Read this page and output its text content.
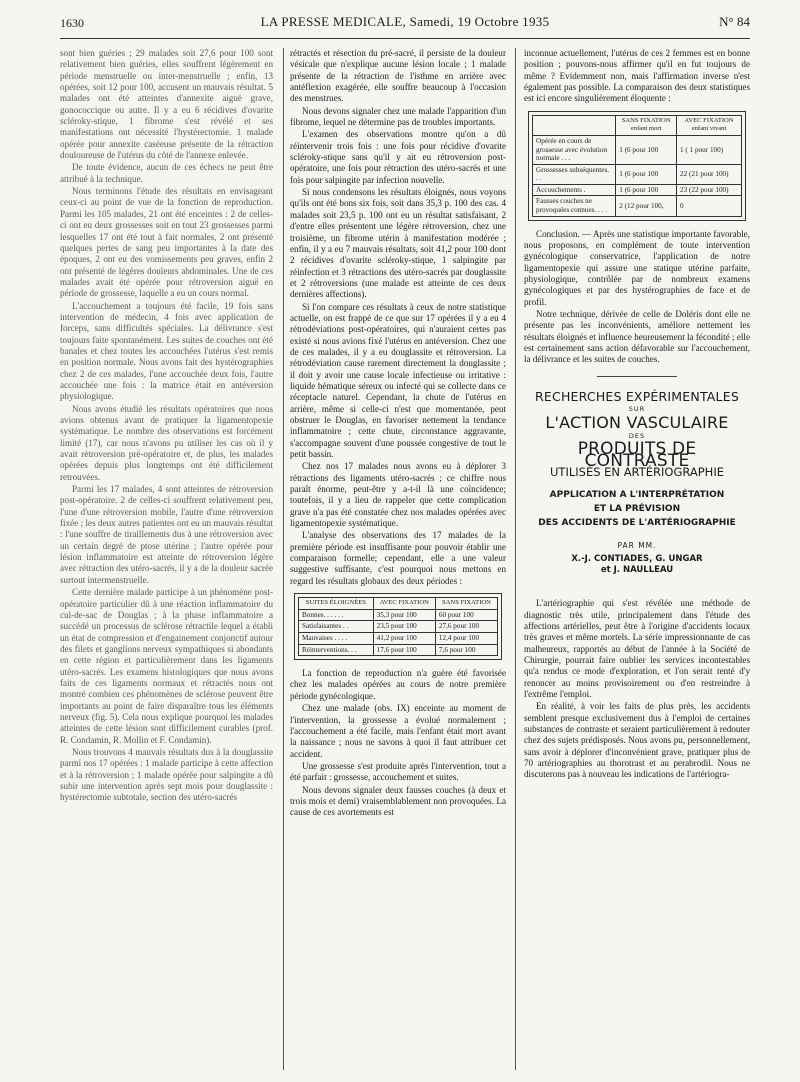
1630	LA PRESSE MEDICALE, Samedi, 19 Octobre 1935	N° 84

sont bien guéries ; 29 malades soit 27,6 pour 100 sont relativement bien guéries, elles souffrent légèrement en période menstruelle ou inter-menstruelle ; enfin, 13 opérées, soit 12 pour 100, accusent un mauvais résultat. 5 malades ont été atteintes d'annexite aiguë grave, gonococcique ou autre. Il y a eu 6 récidives d'ovarite scléroky-stique, 1 fibrome s'est révélé et ses manifestations ont nécessité l'hystérectomie. 1 malade opérée pour annexite caséeuse présente de la rétraction douloureuse de l'utérus du côté de l'annexe enlevée.

De toute évidence, aucun de ces échecs ne peut être attribué à la technique.

Nous terminons l'étude des résultats en envisageant ceux-ci au point de vue de la fonction de reproduction. Parmi les 105 malades, 21 ont été enceintes : 2 de celles-ci ont eu deux grossesses soit en tout 23 grossesses parmi lesquelles 17 ont été tout à fait normales, 2 ont présenté quelques pertes de sang peu importantes à la date des époques, 2 ont eu des vomissements peu graves, enfin 2 ont présenté de légères douleurs abdominales. Une de ces malades avait été opérée pour rétroversion aiguë en période de grossesse, laquelle a eu un cours normal.

L'accouchement a toujours été facile, 19 fois sans intervention de médecin, 4 fois avec application de forceps, sans difficultés spéciales. La délivrance s'est toujours faite spontanément. Les suites de couches ont été banales et chez toutes les accouchées l'utérus s'est remis en position normale. Nous avons fait des hystérographies chez 2 de ces malades, l'une accouchée deux fois, l'autre accouchée une fois : la matrice était en antéversion physiologique.

Nous avons étudié les résultats opératoires que nous avions obtenus avant de pratiquer la ligamentopexie systématique. Le nombre des observations est forcément limité (17), car nous n'avons pu utiliser les cas où il y avait rétroversion pré-opératoire et, de plus, les malades opérées depuis plus longtemps ont été difficilement retrouvées.

Parmi les 17 malades, 4 sont atteintes de rétroversion post-opératoire. 2 de celles-ci souffrent relativement peu, l'une d'une rétroversion mobile, l'autre d'une rétroversion fixée ; les deux autres patientes ont eu un mauvais résultat : l'une souffre de tiraillements dus à une rétroversion avec un certain degré de ptose utérine ; l'autre opérée pour lésion inflammatoire est atteinte de rétroversion légère avec rétraction des utéro-sacrés, il y a de la douleur sacrée surtout intermenstruelle.

Cette dernière malade participe à un phénomène post-opératoire particulier dû à une réaction inflammatoire du cul-de-sac de Douglas ; à la phase inflammatoire a succédé un processus de sclérose rétractile lequel a établi un état de compression et d'engainement conjonctif autour des filets et ganglions nerveux sympathiques si abondants en cette région et particulièrement dans les ligaments utéro-sacrés. Les examens histologiques que nous avons faits de ces ligaments normaux et rétractés nous ont montré combien ces phénomènes de sclérose peuvent être importants au point de faire disparaître tous les éléments nerveux (fig. 5). Cela nous explique pourquoi les malades atteintes de cette lésion sont difficilement curables (prof. R. Condamin, R. Mollin et F. Condamin).

Nous trouvons 4 mauvais résultats dus à la douglassite parmi nos 17 opérées : 1 malade participe à cette affection et à la rétroversion ; 1 malade opérée pour salpingite a dû subir une intervention après sept mois pour douglassite : hystérectomie subtotale, section des utéro-sacrés

rétractés et résection du pré-sacré, il persiste de la douleur vésicale que n'explique aucune lésion locale ; 1 malade présente de la rétraction de l'isthme en arrière avec antéflexion exagérée, elle souffre beaucoup à l'occasion des menstrues.

Nous devons signaler chez une malade l'apparition d'un fibrome, lequel ne détermine pas de troubles importants.

L'examen des observations montre qu'on a dû réintervenir trois fois : une fois pour récidive d'ovarite scléroky-stique sans qu'il y ait eu rétroversion post-opératoire, une fois pour rétraction des utéro-sacrés et une fois pour salpingite par infection nouvelle.

Si nous condensons les résultats éloignés, nous voyons qu'ils ont été bons six fois, soit dans 35,3 p. 100 des cas. 4 malades soit 23,5 p. 100 ont eu un résultat satisfaisant, 2 d'entre elles présentent une légère rétroversion, chez une troisième, un fibrome utérin à manifestation modérée ; enfin, il y a eu 7 mauvais résultats, soit 41,2 pour 100 dont 2 récidives d'ovarite scléroky-stique, 1 salpingite par réinfection et 3 rétractions des utéro-sacrés par douglassite et 2 rétroversions (une malade est atteinte de ces deux dernières affections).

Si l'on compare ces résultats à ceux de notre statistique actuelle, on est frappé de ce que sur 17 opérées il y a eu 4 rétrodéviations post-opératoires, qui n'auraient certes pas existé si nous avions fixé l'utérus en antéversion. Chez une de ces malades, il y a eu douglassite et rétroversion. La rétrodéviation cause rarement directement la douglassite ; il doit y avoir une cause locale infectieuse ou irritative : liquide hématique séreux ou infecté qui se collecte dans ce réceptacle naturel. Cependant, la chute de l'utérus en arrière, même si celle-ci n'est que momentanée, peut obstruer le Douglas, en favoriser nettement la tendance inflammatoire ; cette chute, circonstance aggravante, s'accompagne souvent d'une poussée congestive de tout le petit bassin.

Chez nos 17 malades nous avons eu à déplorer 3 rétractions des ligaments utéro-sacrés ; ce chiffre nous paraît énorme, peut-être y a-t-il là une coïncidence; toutefois, il y a lieu de rappeler que cette complication grave n'a pas été constatée chez nos malades opérées avec ligamentopexie systématique.

L'analyse des observations des 17 malades de la première période est insuffisante pour pouvoir établir une comparaison formelle; cependant, elle a une valeur suggestive suffisante, c'est pourquoi nous mettons en regard les résultats globaux des deux périodes :

SUITES ÉLOIGNÉES	AVEC FIXATION	SANS FIXATION
Bonnes. . . . . .	35,3 pour 100	60 pour 100
Satisfaisantes . .	23,5 pour 100	27,6 pour 100
Mauvaises . . . .	41,2 pour 100	12,4 pour 100
Réinterventions. . .	17,6 pour 100	7,6 pour 100

La fonction de reproduction n'a guère été favorisée chez les malades opérées au cours de notre première période gynécologique.

Chez une malade (obs. IX) enceinte au moment de l'intervention, la grossesse a évolué normalement ; l'accouchement a été facile, mais l'enfant était mort avant la naissance ; nous ne savons à quoi il faut attribuer cet accident.

Une grossesse s'est produite après l'intervention, tout a été parfait : grossesse, accouchement et suites.

Nous devons signaler deux fausses couches (à deux et trois mois et demi) vraisemblablement non provoquées. La cause de ces avortements est

inconnue actuellement, l'utérus de ces 2 femmes est en bonne position ; pouvons-nous affirmer qu'il en fut toujours de même ? Evidemment non, mais l'affirmation inverse n'est également pas possible. La comparaison des deux statistiques est ici encore singulièrement éloquente :

	SANS FIXATION enfant mort	AVEC FIXATION enfant vivant
Opérée en cours de grossesse avec évolution normale . . .	1 (6 pour 100	1 ( 1 pour 100)
Grossesses subséquentes. . .	1 (6 pour 100	22 (21 pour 100)
Accouchements .	1 (6 pour 100	23 (22 pour 100)
Fausses couches ne provoquées connues. . . .	2 (12 pour 100,	0

Conclusion. — Après une statistique importante favorable, nous proposons, en complément de toute intervention gynécologique conservatrice, l'application de notre ligamentopexie qui assure une statique utérine parfaite, physiologique, contrôlée par de nombreux examens gynécologiques et par des hystérographies de face et de profil.

Notre technique, dérivée de celle de Doléris dont elle ne présente pas les inconvénients, améliore nettement les résultats éloignés et influence heureusement la fécondité ; elle est certainement sans action défavorable sur l'accouchement, la délivrance et les suites de couches.

RECHERCHES EXPÉRIMENTALES
SUR
L'ACTION VASCULAIRE
DES
PRODUITS DE CONTRASTE
UTILISÉS EN ARTÉRIOGRAPHIE
APPLICATION A L'INTERPRÉTATION
ET LA PRÉVISION
DES ACCIDENTS DE L'ARTÉRIOGRAPHIE
PAR MM.
X.-J. CONTIADES, G. UNGAR
et J. NAULLEAU

L'artériographie qui s'est révélée une méthode de diagnostic très utile, principalement dans l'étude des affections artérielles, peut être à l'origine d'accidents locaux très graves et même mortels. La série impressionnante de cas malheureux, rapportés au début de l'année à la Société de Chirurgie, pourrait faire oublier les services incontestables qu'a rendus ce mode d'exploration, et l'on serait tenté d'y renoncer au moins provisoirement ou d'en restreindre à l'extrême l'emploi.

En réalité, à voir les faits de plus près, les accidents semblent presque exclusivement dus à l'emploi de certaines substances de contraste et seraient particulièrement à redouter chez des sujets prédisposés. Nous avons pu, personnellement, sans avoir à déplorer d'inconvénient grave, pratiquer plus de 70 artériographies au thorotrast et au perabrodil. Nous ne discuterons pas à nouveau les indications de l'artériogra-
